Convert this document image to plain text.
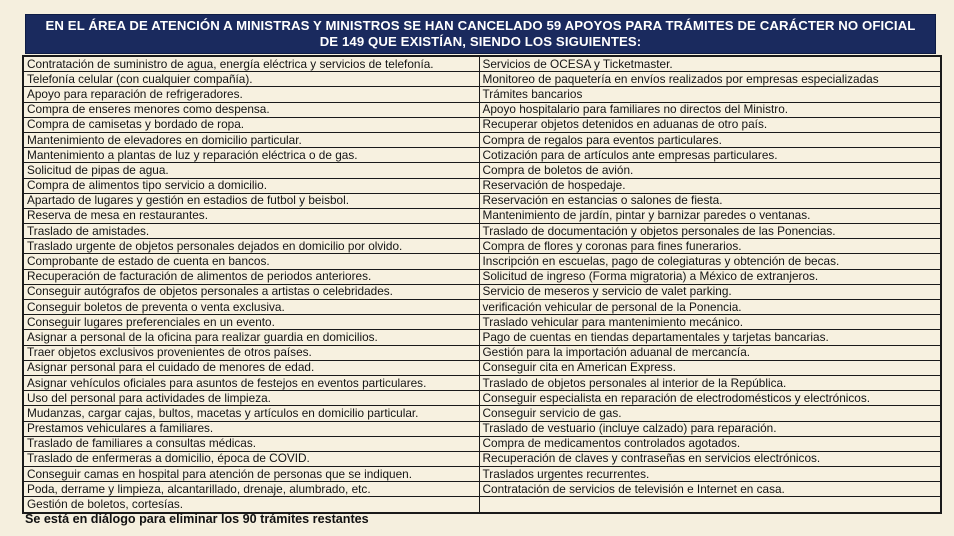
EN EL ÁREA DE ATENCIÓN A MINISTRAS Y MINISTROS SE HAN CANCELADO 59 APOYOS PARA TRÁMITES DE CARÁCTER NO OFICIAL DE 149 QUE EXISTÍAN, SIENDO LOS SIGUIENTES:
Contratación de suministro de agua, energía eléctrica y servicios de telefonía.	Servicios de OCESA y Ticketmaster.
Telefonía celular (con cualquier compañía).	Monitoreo de paquetería en envíos realizados por empresas especializadas
Apoyo para reparación de refrigeradores.	Trámites bancarios
Compra de enseres menores como despensa.	Apoyo hospitalario para familiares no directos del Ministro.
Compra de camisetas y bordado de ropa.	Recuperar objetos detenidos en aduanas de otro país.
Mantenimiento de elevadores en domicilio particular.	Compra de regalos para eventos particulares.
Mantenimiento a plantas de luz y reparación eléctrica o de gas.	Cotización para de artículos ante empresas particulares.
Solicitud de pipas de agua.	Compra de boletos de avión.
Compra de alimentos tipo servicio a domicilio.	Reservación de hospedaje.
Apartado de lugares y gestión en estadios de futbol y beisbol.	Reservación en estancias o salones de fiesta.
Reserva de mesa en restaurantes.	Mantenimiento de jardín, pintar y barnizar paredes o ventanas.
Traslado de amistades.	Traslado de documentación y objetos personales de las Ponencias.
Traslado urgente de objetos personales dejados en domicilio por olvido.	Compra de flores y coronas para fines funerarios.
Comprobante de estado de cuenta en bancos.	Inscripción en escuelas, pago de colegiaturas y obtención de becas.
Recuperación de facturación de alimentos de periodos anteriores.	Solicitud de ingreso (Forma migratoria) a México de extranjeros.
Conseguir autógrafos de objetos personales a artistas o celebridades.	Servicio de meseros y servicio de valet parking.
Conseguir boletos de preventa o venta exclusiva.	verificación vehicular de personal de la Ponencia.
Conseguir lugares preferenciales en un evento.	Traslado vehicular para mantenimiento mecánico.
Asignar a personal de la oficina para realizar guardia en domicilios.	Pago de cuentas en tiendas departamentales y tarjetas bancarias.
Traer objetos exclusivos provenientes de otros países.	Gestión para la importación aduanal de mercancía.
Asignar personal para el cuidado de menores de edad.	Conseguir cita en American Express.
Asignar vehículos oficiales para asuntos de festejos en eventos particulares.	Traslado de objetos personales al interior de la República.
Uso del personal para actividades de limpieza.	Conseguir especialista en reparación de electrodomésticos y electrónicos.
Mudanzas, cargar cajas, bultos, macetas y artículos en domicilio particular.	Conseguir servicio de gas.
Prestamos vehiculares a familiares.	Traslado de vestuario (incluye calzado) para reparación.
Traslado de familiares a consultas médicas.	Compra de medicamentos controlados agotados.
Traslado de enfermeras a domicilio, época de COVID.	Recuperación de claves y contraseñas en servicios electrónicos.
Conseguir camas en hospital para atención de personas que se indiquen.	Traslados urgentes recurrentes.
Poda, derrame y limpieza, alcantarillado, drenaje, alumbrado, etc.	Contratación de servicios de televisión e Internet en casa.
Gestión de boletos, cortesías.	
Se está en diálogo para eliminar los 90 trámites restantes
